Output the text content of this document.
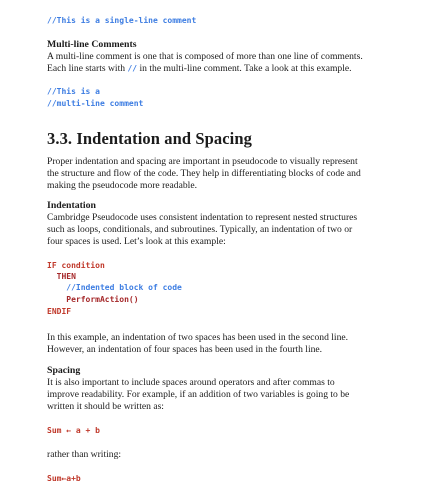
//This is a single-line comment
Multi-line Comments
A multi-line comment is one that is composed of more than one line of comments.
Each line starts with // in the multi-line comment. Take a look at this example.
//This is a
//multi-line comment
3.3. Indentation and Spacing
Proper indentation and spacing are important in pseudocode to visually represent
the structure and flow of the code. They help in differentiating blocks of code and
making the pseudocode more readable.
Indentation
Cambridge Pseudocode uses consistent indentation to represent nested structures
such as loops, conditionals, and subroutines. Typically, an indentation of two or
four spaces is used. Let’s look at this example:
IF condition
THEN
//Indented block of code
PerformAction()
ENDIF
In this example, an indentation of two spaces has been used in the second line.
However, an indentation of four spaces has been used in the fourth line.
Spacing
It is also important to include spaces around operators and after commas to
improve readability. For example, if an addition of two variables is going to be
written it should be written as:
Sum ← a + b
rather than writing:
Sum←a+b
